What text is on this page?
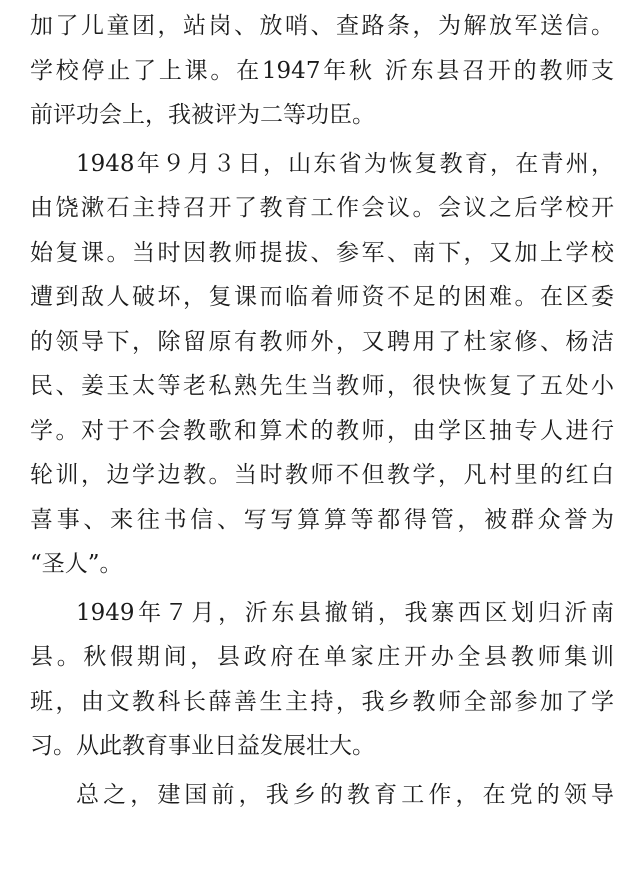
加了儿童团，站岗、放哨、查路条，为解放军送信。
学校停止了上课。在1947年秋 沂东县召开的教师支
前评功会上，我被评为二等功臣。
1948年９月３日，山东省为恢复教育，在青州，
由饶漱石主持召开了教育工作会议。会议之后学校开
始复课。当时因教师提拔、参军、南下，又加上学校
遭到敌人破坏，复课而临着师资不足的困难。在区委
的领导下，除留原有教师外，又聘用了杜家修、杨洁
民、姜玉太等老私熟先生当教师，很快恢复了五处小
学。对于不会教歌和算术的教师，由学区抽专人进行
轮训，边学边教。当时教师不但教学，凡村里的红白
喜事、来往书信、写写算算等都得管，被群众誉为
“圣人”。
1949年７月，沂东县撤销，我寨西区划归沂南
县。秋假期间，县政府在单家庄开办全县教师集训
班，由文教科长薛善生主持，我乡教师全部参加了学
习。从此教育事业日益发展壮大。
总之，建国前，我乡的教育工作，在党的领导
